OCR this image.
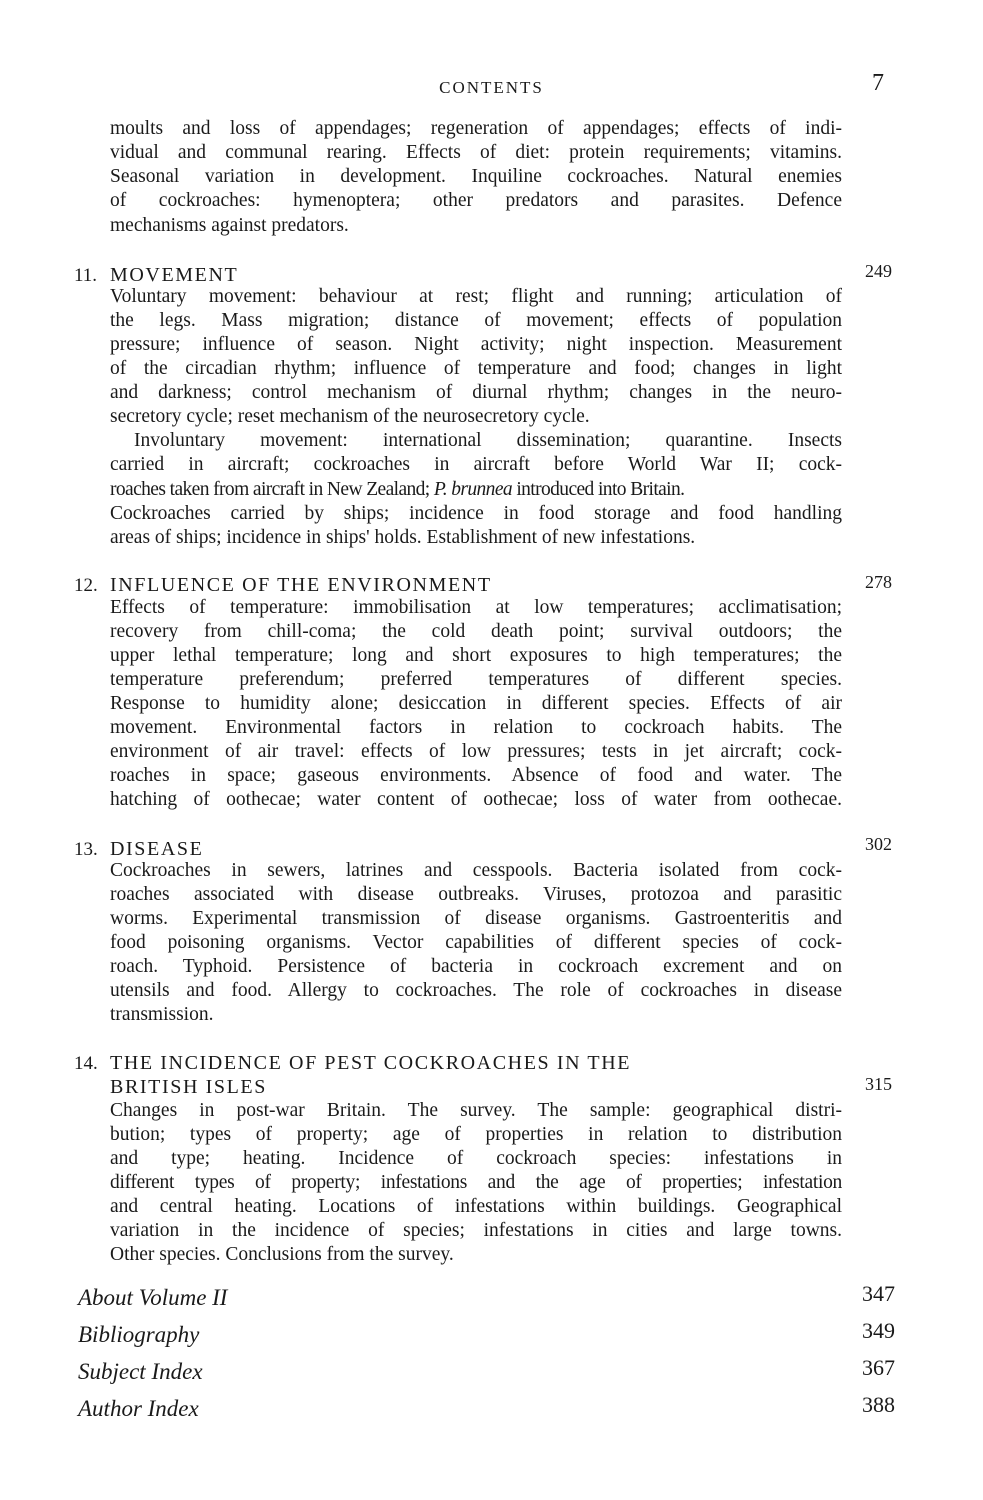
CONTENTS	7
moults and loss of appendages; regeneration of appendages; effects of indi-
vidual and communal rearing. Effects of diet: protein requirements; vitamins.
Seasonal variation in development. Inquiline cockroaches. Natural enemies
of cockroaches: hymenoptera; other predators and parasites. Defence
mechanisms against predators.
11. MOVEMENT	249
Voluntary movement: behaviour at rest; flight and running; articulation of
the legs. Mass migration; distance of movement; effects of population
pressure; influence of season. Night activity; night inspection. Measurement
of the circadian rhythm; influence of temperature and food; changes in light
and darkness; control mechanism of diurnal rhythm; changes in the neuro-
secretory cycle; reset mechanism of the neurosecretory cycle.
Involuntary movement: international dissemination; quarantine. Insects
carried in aircraft; cockroaches in aircraft before World War II; cock-
roaches taken from aircraft in New Zealand; P. brunnea introduced into Britain.
Cockroaches carried by ships; incidence in food storage and food handling
areas of ships; incidence in ships' holds. Establishment of new infestations.
12. INFLUENCE OF THE ENVIRONMENT	278
Effects of temperature: immobilisation at low temperatures; acclimatisation;
recovery from chill-coma; the cold death point; survival outdoors; the
upper lethal temperature; long and short exposures to high temperatures; the
temperature preferendum; preferred temperatures of different species.
Response to humidity alone; desiccation in different species. Effects of air
movement. Environmental factors in relation to cockroach habits. The
environment of air travel: effects of low pressures; tests in jet aircraft; cock-
roaches in space; gaseous environments. Absence of food and water. The
hatching of oothecae; water content of oothecae; loss of water from oothecae.
13. DISEASE	302
Cockroaches in sewers, latrines and cesspools. Bacteria isolated from cock-
roaches associated with disease outbreaks. Viruses, protozoa and parasitic
worms. Experimental transmission of disease organisms. Gastroenteritis and
food poisoning organisms. Vector capabilities of different species of cock-
roach. Typhoid. Persistence of bacteria in cockroach excrement and on
utensils and food. Allergy to cockroaches. The role of cockroaches in disease
transmission.
14. THE INCIDENCE OF PEST COCKROACHES IN THE
BRITISH ISLES	315
Changes in post-war Britain. The survey. The sample: geographical distri-
bution; types of property; age of properties in relation to distribution
and type; heating. Incidence of cockroach species: infestations in
different types of property; infestations and the age of properties; infestation
and central heating. Locations of infestations within buildings. Geographical
variation in the incidence of species; infestations in cities and large towns.
Other species. Conclusions from the survey.
About Volume II	347
Bibliography	349
Subject Index	367
Author Index	388
